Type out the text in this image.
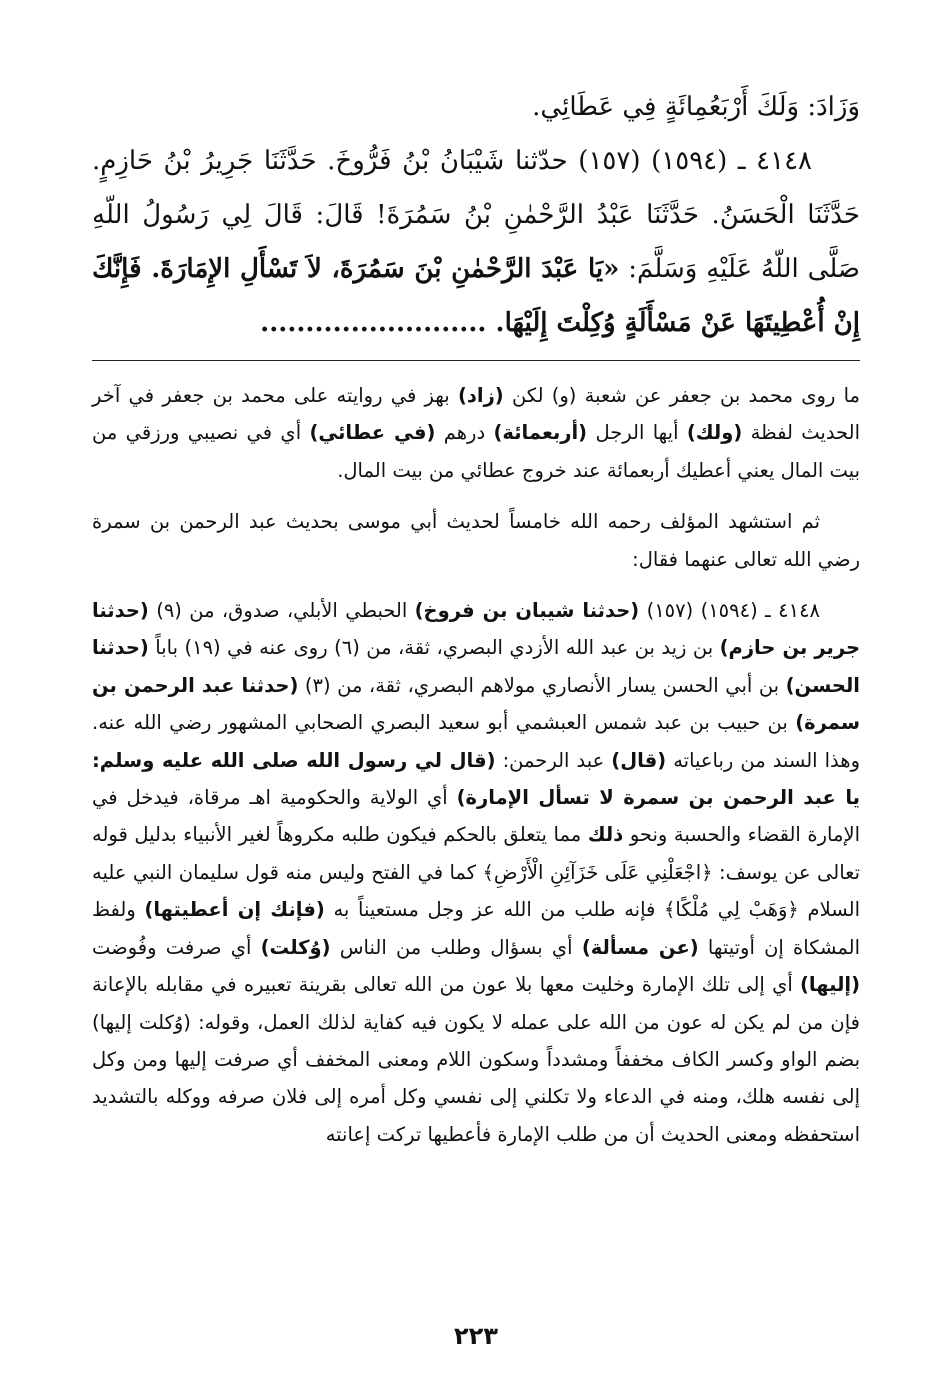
وَزَادَ: وَلَكَ أَرْبَعُمِائَةٍ فِي عَطَائِي.

٤١٤٨ ـ (١٥٩٤) (١٥٧) حدّثنا شَيْبَانُ بْنُ فَرُّوخَ. حَدَّثَنَا جَرِيرُ بْنُ حَازِمٍ. حَدَّثَنَا الْحَسَنُ. حَدَّثَنَا عَبْدُ الرَّحْمٰنِ بْنُ سَمُرَةَ! قَالَ: قَالَ لِي رَسُولُ اللّهِ صَلَّى اللّهُ عَلَيْهِ وَسَلَّمَ: «يَا عَبْدَ الرَّحْمٰنِ بْنَ سَمُرَةَ، لاَ تَسْأَلِ الإِمَارَةَ. فَإِنَّكَ إِنْ أُعْطِيتَهَا عَنْ مَسْأَلَةٍ وُكِلْتَ إِلَيْهَا. .........................

ما روى محمد بن جعفر عن شعبة (و) لكن (زاد) بهز في روايته على محمد بن جعفر في آخر الحديث لفظة (ولك) أيها الرجل (أربعمائة) درهم (في عطائي) أي في نصيبي ورزقي من بيت المال يعني أعطيك أربعمائة عند خروج عطائي من بيت المال.

ثم استشهد المؤلف رحمه الله خامساً لحديث أبي موسى بحديث عبد الرحمن بن سمرة رضي الله تعالى عنهما فقال:

٤١٤٨ ـ (١٥٩٤) (١٥٧) (حدثنا شيبان بن فروخ) الحبطي الأبلي، صدوق، من (٩) (حدثنا جرير بن حازم) بن زيد بن عبد الله الأزدي البصري، ثقة، من (٦) روى عنه في (١٩) باباً (حدثنا الحسن) بن أبي الحسن يسار الأنصاري مولاهم البصري، ثقة، من (٣) (حدثنا عبد الرحمن بن سمرة) بن حبيب بن عبد شمس العبشمي أبو سعيد البصري الصحابي المشهور رضي الله عنه. وهذا السند من رباعياته (قال) عبد الرحمن: (قال لي رسول الله صلى الله عليه وسلم: يا عبد الرحمن بن سمرة لا تسأل الإمارة) أي الولاية والحكومية اهـ مرقاة، فيدخل في الإمارة القضاء والحسبة ونحو ذلك مما يتعلق بالحكم فيكون طلبه مكروهاً لغير الأنبياء بدليل قوله تعالى عن يوسف: ﴿اجْعَلْنِي عَلَى خَزَآئِنِ الْأَرْضِ﴾ كما في الفتح وليس منه قول سليمان النبي عليه السلام ﴿وَهَبْ لِي مُلْكًا﴾ فإنه طلب من الله عز وجل مستعيناً به (فإنك إن أعطيتها) ولفظ المشكاة إن أوتيتها (عن مسألة) أي بسؤال وطلب من الناس (وُكلت) أي صرفت وفُوضت (إليها) أي إلى تلك الإمارة وخليت معها بلا عون من الله تعالى بقرينة تعبيره في مقابله بالإعانة فإن من لم يكن له عون من الله على عمله لا يكون فيه كفاية لذلك العمل، وقوله: (وُكلت إليها) بضم الواو وكسر الكاف مخففاً ومشدداً وسكون اللام ومعنى المخفف أي صرفت إليها ومن وكل إلى نفسه هلك، ومنه في الدعاء ولا تكلني إلى نفسي وكل أمره إلى فلان صرفه ووكله بالتشديد استحفظه ومعنى الحديث أن من طلب الإمارة فأعطيها تركت إعانته

٢٢٣
